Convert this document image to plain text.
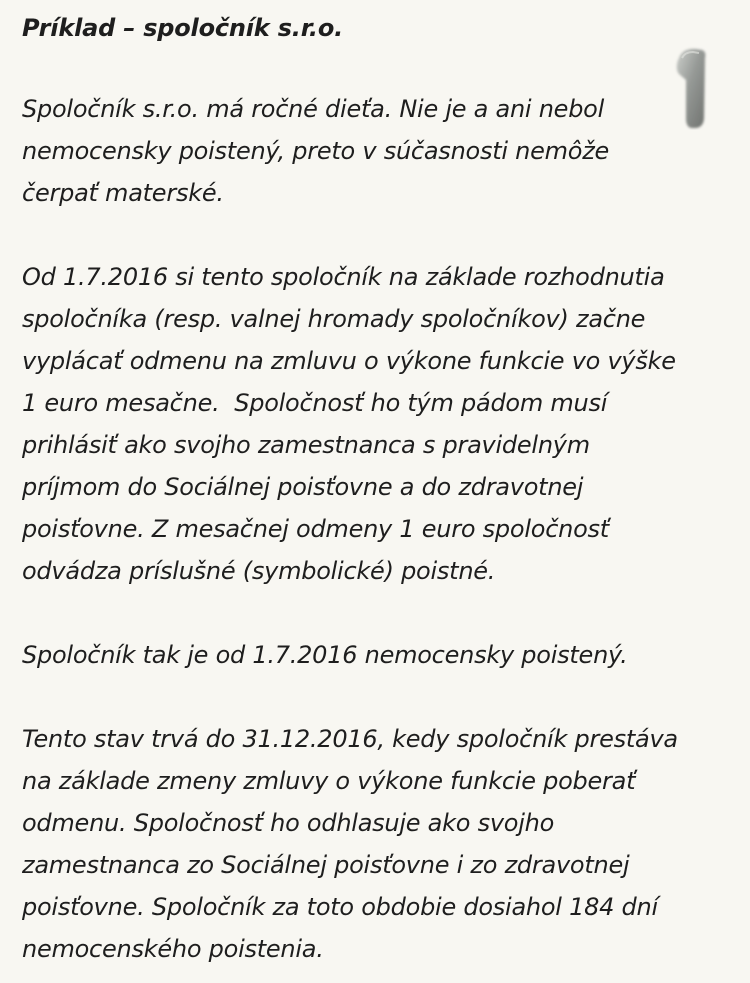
Príklad – spoločník s.r.o.

Spoločník s.r.o. má ročné dieťa. Nie je a ani nebol
nemocensky poistený, preto v súčasnosti nemôže
čerpať materské.

Od 1.7.2016 si tento spoločník na základe rozhodnutia
spoločníka (resp. valnej hromady spoločníkov) začne
vyplácať odmenu na zmluvu o výkone funkcie vo výške
1 euro mesačne.  Spoločnosť ho tým pádom musí
prihlásiť ako svojho zamestnanca s pravidelným
príjmom do Sociálnej poisťovne a do zdravotnej
poisťovne. Z mesačnej odmeny 1 euro spoločnosť
odvádza príslušné (symbolické) poistné.

Spoločník tak je od 1.7.2016 nemocensky poistený.

Tento stav trvá do 31.12.2016, kedy spoločník prestáva
na základe zmeny zmluvy o výkone funkcie poberať
odmenu. Spoločnosť ho odhlasuje ako svojho
zamestnanca zo Sociálnej poisťovne i zo zdravotnej
poisťovne. Spoločník za toto obdobie dosiahol 184 dní
nemocenského poistenia.
